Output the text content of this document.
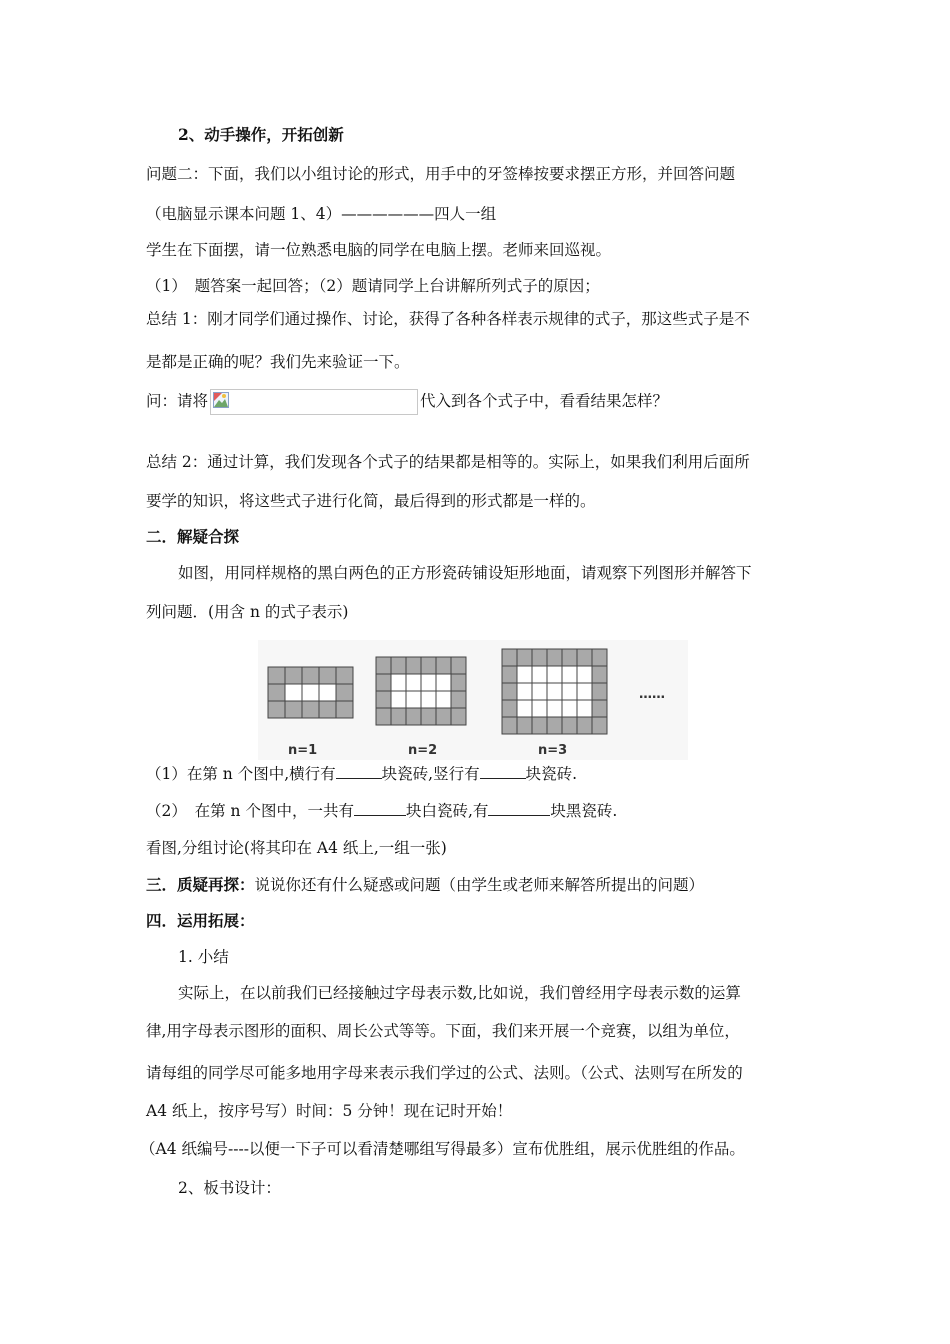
2、动手操作，开拓创新
问题二：下面，我们以小组讨论的形式，用手中的牙签棒按要求摆正方形，并回答问题
（电脑显示课本问题 1、4）——————四人一组
学生在下面摆，请一位熟悉电脑的同学在电脑上摆。老师来回巡视。
（1）　题答案一起回答；（2）题请同学上台讲解所列式子的原因；
总结 1：刚才同学们通过操作、讨论，获得了各种各样表示规律的式子，那这些式子是不
是都是正确的呢？我们先来验证一下。
问：请将	代入到各个式子中，看看结果怎样？
总结 2：通过计算，我们发现各个式子的结果都是相等的。实际上，如果我们利用后面所
要学的知识，将这些式子进行化简，最后得到的形式都是一样的。
二．解疑合探
如图，用同样规格的黑白两色的正方形瓷砖铺设矩形地面，请观察下列图形并解答下
列问题．(用含 n 的式子表示)
……
n=1	n=2	n=3
（1）在第 n 个图中,横行有	块瓷砖,竖行有	块瓷砖.
（2）　在第 n 个图中，一共有	块白瓷砖,有	块黑瓷砖.
看图,分组讨论(将其印在 A4 纸上,一组一张)
三．质疑再探：说说你还有什么疑惑或问题（由学生或老师来解答所提出的问题）
四．运用拓展：
1. 小结
实际上，在以前我们已经接触过字母表示数,比如说，我们曾经用字母表示数的运算
律,用字母表示图形的面积、周长公式等等。下面，我们来开展一个竞赛，以组为单位，
请每组的同学尽可能多地用字母来表示我们学过的公式、法则。（公式、法则写在所发的
A4 纸上，按序号写）时间：5 分钟！现在记时开始！
（A4 纸编号----以便一下子可以看清楚哪组写得最多）宣布优胜组，展示优胜组的作品。
2、板书设计：
